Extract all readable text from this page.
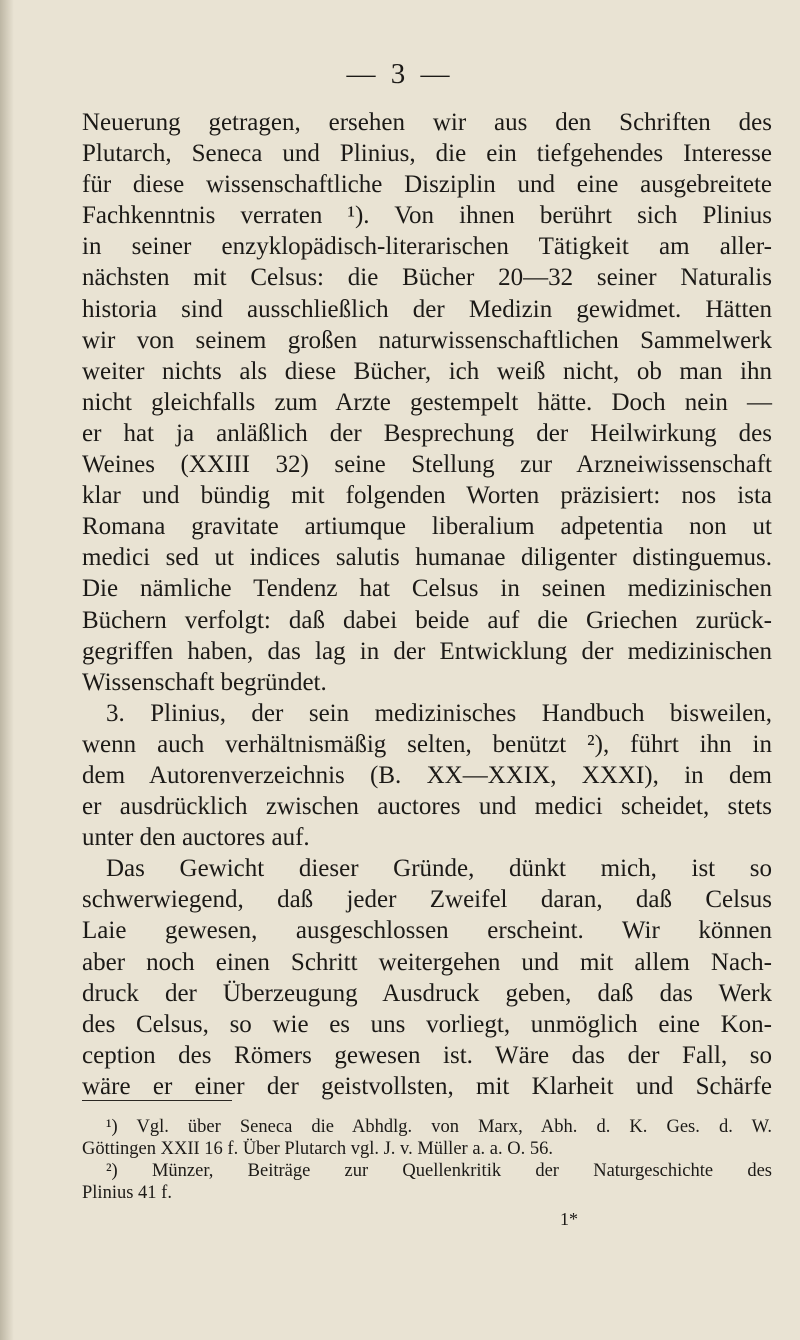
— 3 —
Neuerung getragen, ersehen wir aus den Schriften des
Plutarch, Seneca und Plinius, die ein tiefgehendes Interesse
für diese wissenschaftliche Disziplin und eine ausgebreitete
Fachkenntnis verraten ¹). Von ihnen berührt sich Plinius
in seiner enzyklopädisch-literarischen Tätigkeit am aller-
nächsten mit Celsus: die Bücher 20—32 seiner Naturalis
historia sind ausschließlich der Medizin gewidmet. Hätten
wir von seinem großen naturwissenschaftlichen Sammelwerk
weiter nichts als diese Bücher, ich weiß nicht, ob man ihn
nicht gleichfalls zum Arzte gestempelt hätte. Doch nein —
er hat ja anläßlich der Besprechung der Heilwirkung des
Weines (XXIII 32) seine Stellung zur Arzneiwissenschaft
klar und bündig mit folgenden Worten präzisiert: nos ista
Romana gravitate artiumque liberalium adpetentia non ut
medici sed ut indices salutis humanae diligenter distinguemus.
Die nämliche Tendenz hat Celsus in seinen medizinischen
Büchern verfolgt: daß dabei beide auf die Griechen zurück-
gegriffen haben, das lag in der Entwicklung der medizinischen
Wissenschaft begründet.
3. Plinius, der sein medizinisches Handbuch bisweilen,
wenn auch verhältnismäßig selten, benützt ²), führt ihn in
dem Autorenverzeichnis (B. XX—XXIX, XXXI), in dem
er ausdrücklich zwischen auctores und medici scheidet, stets
unter den auctores auf.
Das Gewicht dieser Gründe, dünkt mich, ist so
schwerwiegend, daß jeder Zweifel daran, daß Celsus
Laie gewesen, ausgeschlossen erscheint. Wir können
aber noch einen Schritt weitergehen und mit allem Nach-
druck der Überzeugung Ausdruck geben, daß das Werk
des Celsus, so wie es uns vorliegt, unmöglich eine Kon-
ception des Römers gewesen ist. Wäre das der Fall, so
wäre er einer der geistvollsten, mit Klarheit und Schärfe
¹) Vgl. über Seneca die Abhdlg. von Marx, Abh. d. K. Ges. d. W.
Göttingen XXII 16 f. Über Plutarch vgl. J. v. Müller a. a. O. 56.
²) Münzer, Beiträge zur Quellenkritik der Naturgeschichte des
Plinius 41 f.
1*
